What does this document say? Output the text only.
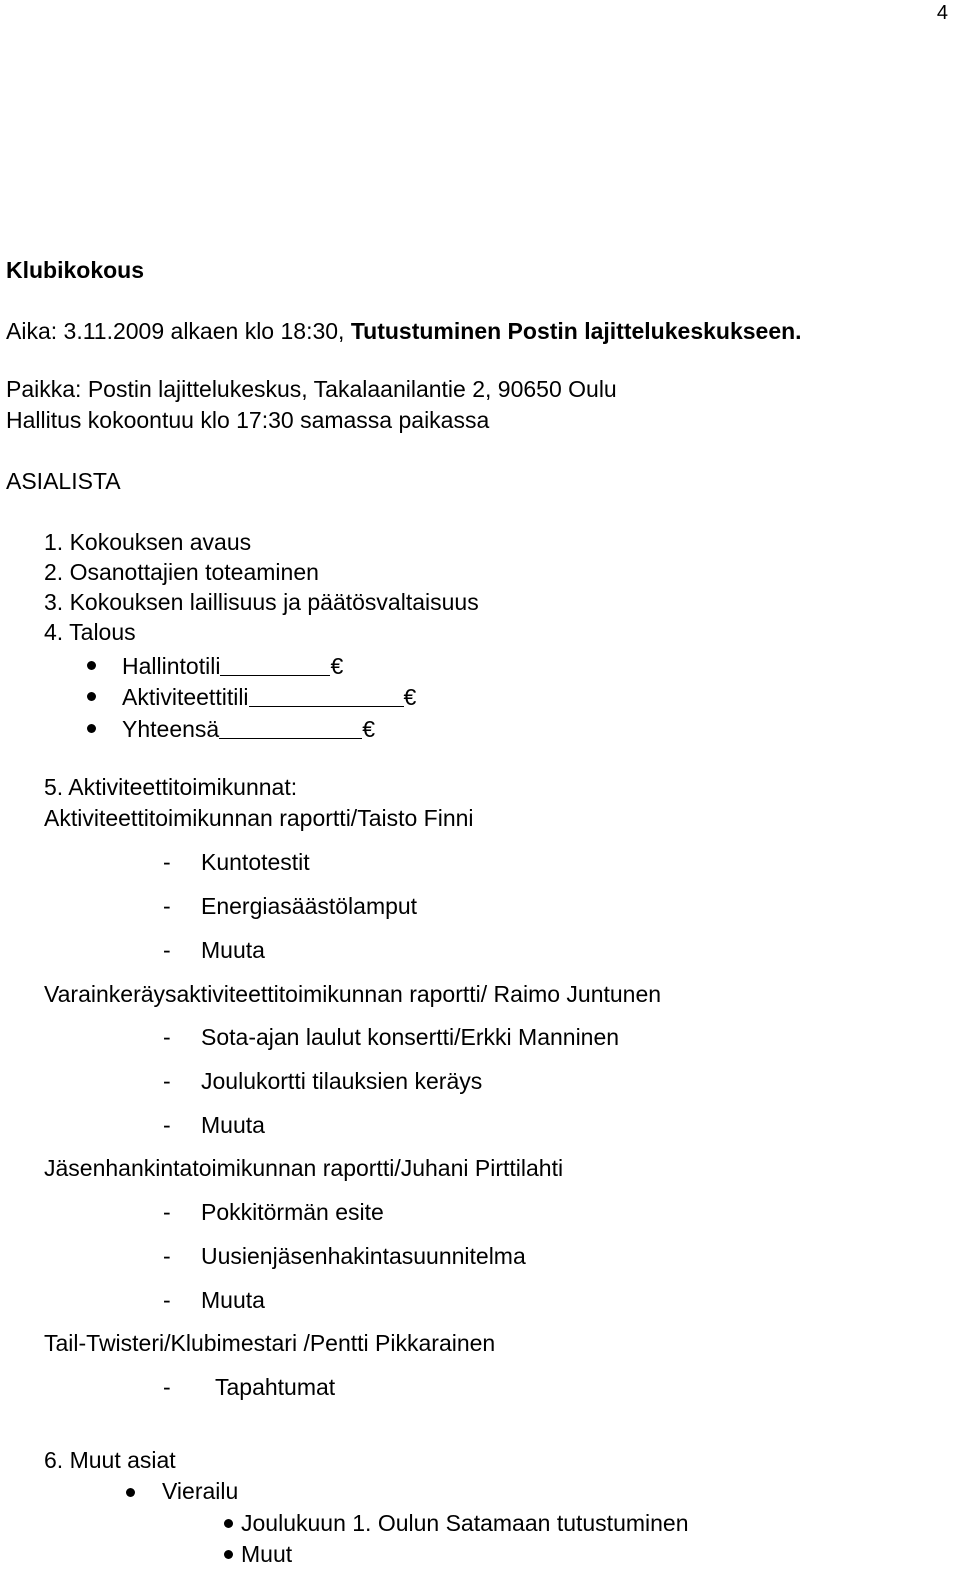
4
Klubikokous
Aika: 3.11.2009 alkaen klo 18:30, Tutustuminen Postin lajittelukeskukseen.
Paikka: Postin lajittelukeskus, Takalaanilantie 2, 90650 Oulu
Hallitus kokoontuu klo 17:30 samassa paikassa
ASIALISTA
1. Kokouksen avaus
2. Osanottajien toteaminen
3. Kokouksen laillisuus ja päätösvaltaisuus
4. Talous
Hallintotili	€
Aktiviteettitili	€
Yhteensä	€
5. Aktiviteettitoimikunnat:
Aktiviteettitoimikunnan raportti/Taisto Finni
- Kuntotestit
- Energiasäästölamput
- Muuta
Varainkeräysaktiviteettitoimikunnan raportti/ Raimo Juntunen
- Sota-ajan laulut konsertti/Erkki Manninen
- Joulukortti tilauksien keräys
- Muuta
Jäsenhankintatoimikunnan raportti/Juhani Pirttilahti
- Pokkitörmän esite
- Uusienjäsenhakintasuunnitelma
- Muuta
Tail-Twisteri/Klubimestari /Pentti Pikkarainen
- Tapahtumat
6. Muut asiat
Vierailu
Joulukuun 1. Oulun Satamaan tutustuminen
Muut
